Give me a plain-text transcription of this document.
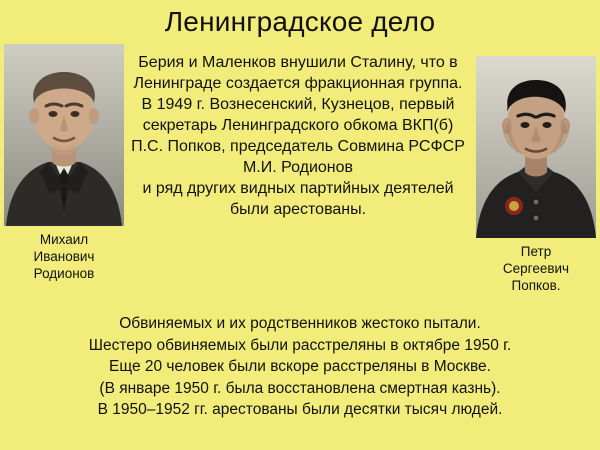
Ленинградское дело
Михаил
Иванович
Родионов
Петр
Сергеевич
Попков.

Берия и Маленков внушили Сталину, что в Ленинграде создается фракционная группа.

В 1949 г. Вознесенский, Кузнецов, первый секретарь Ленинградского обкома ВКП(б) П.С. Попков, председатель Совмина РСФСР М.И. Родионов

и ряд других видных партийных деятелей были арестованы.

Обвиняемых и их родственников жестоко пытали.
Шестеро обвиняемых были расстреляны в октябре 1950 г.
Еще 20 человек были вскоре расстреляны в Москве.
(В январе 1950 г. была восстановлена смертная казнь).
В 1950–1952 гг. арестованы были десятки тысяч людей.
